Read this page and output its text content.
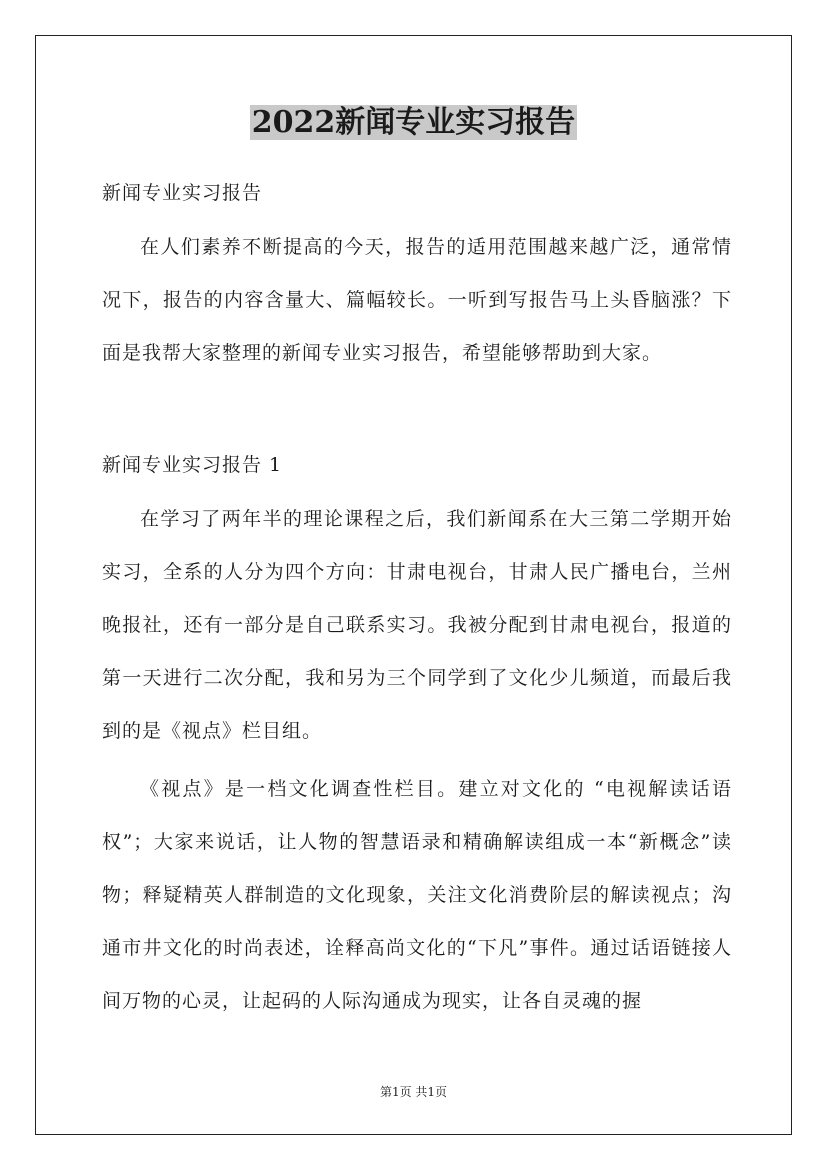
2022新闻专业实习报告
新闻专业实习报告

在人们素养不断提高的今天，报告的适用范围越来越广泛，通常情况下，报告的内容含量大、篇幅较长。一听到写报告马上头昏脑涨？下面是我帮大家整理的新闻专业实习报告，希望能够帮助到大家。

新闻专业实习报告 1

在学习了两年半的理论课程之后，我们新闻系在大三第二学期开始实习，全系的人分为四个方向：甘肃电视台，甘肃人民广播电台，兰州晚报社，还有一部分是自己联系实习。我被分配到甘肃电视台，报道的第一天进行二次分配，我和另为三个同学到了文化少儿频道，而最后我到的是《视点》栏目组。

《视点》是一档文化调查性栏目。建立对文化的 “电视解读话语权”；大家来说话，让人物的智慧语录和精确解读组成一本“新概念”读物；释疑精英人群制造的文化现象，关注文化消费阶层的解读视点；沟通市井文化的时尚表述，诠释高尚文化的“下凡”事件。通过话语链接人间万物的心灵，让起码的人际沟通成为现实，让各自灵魂的握

第1页 共1页
